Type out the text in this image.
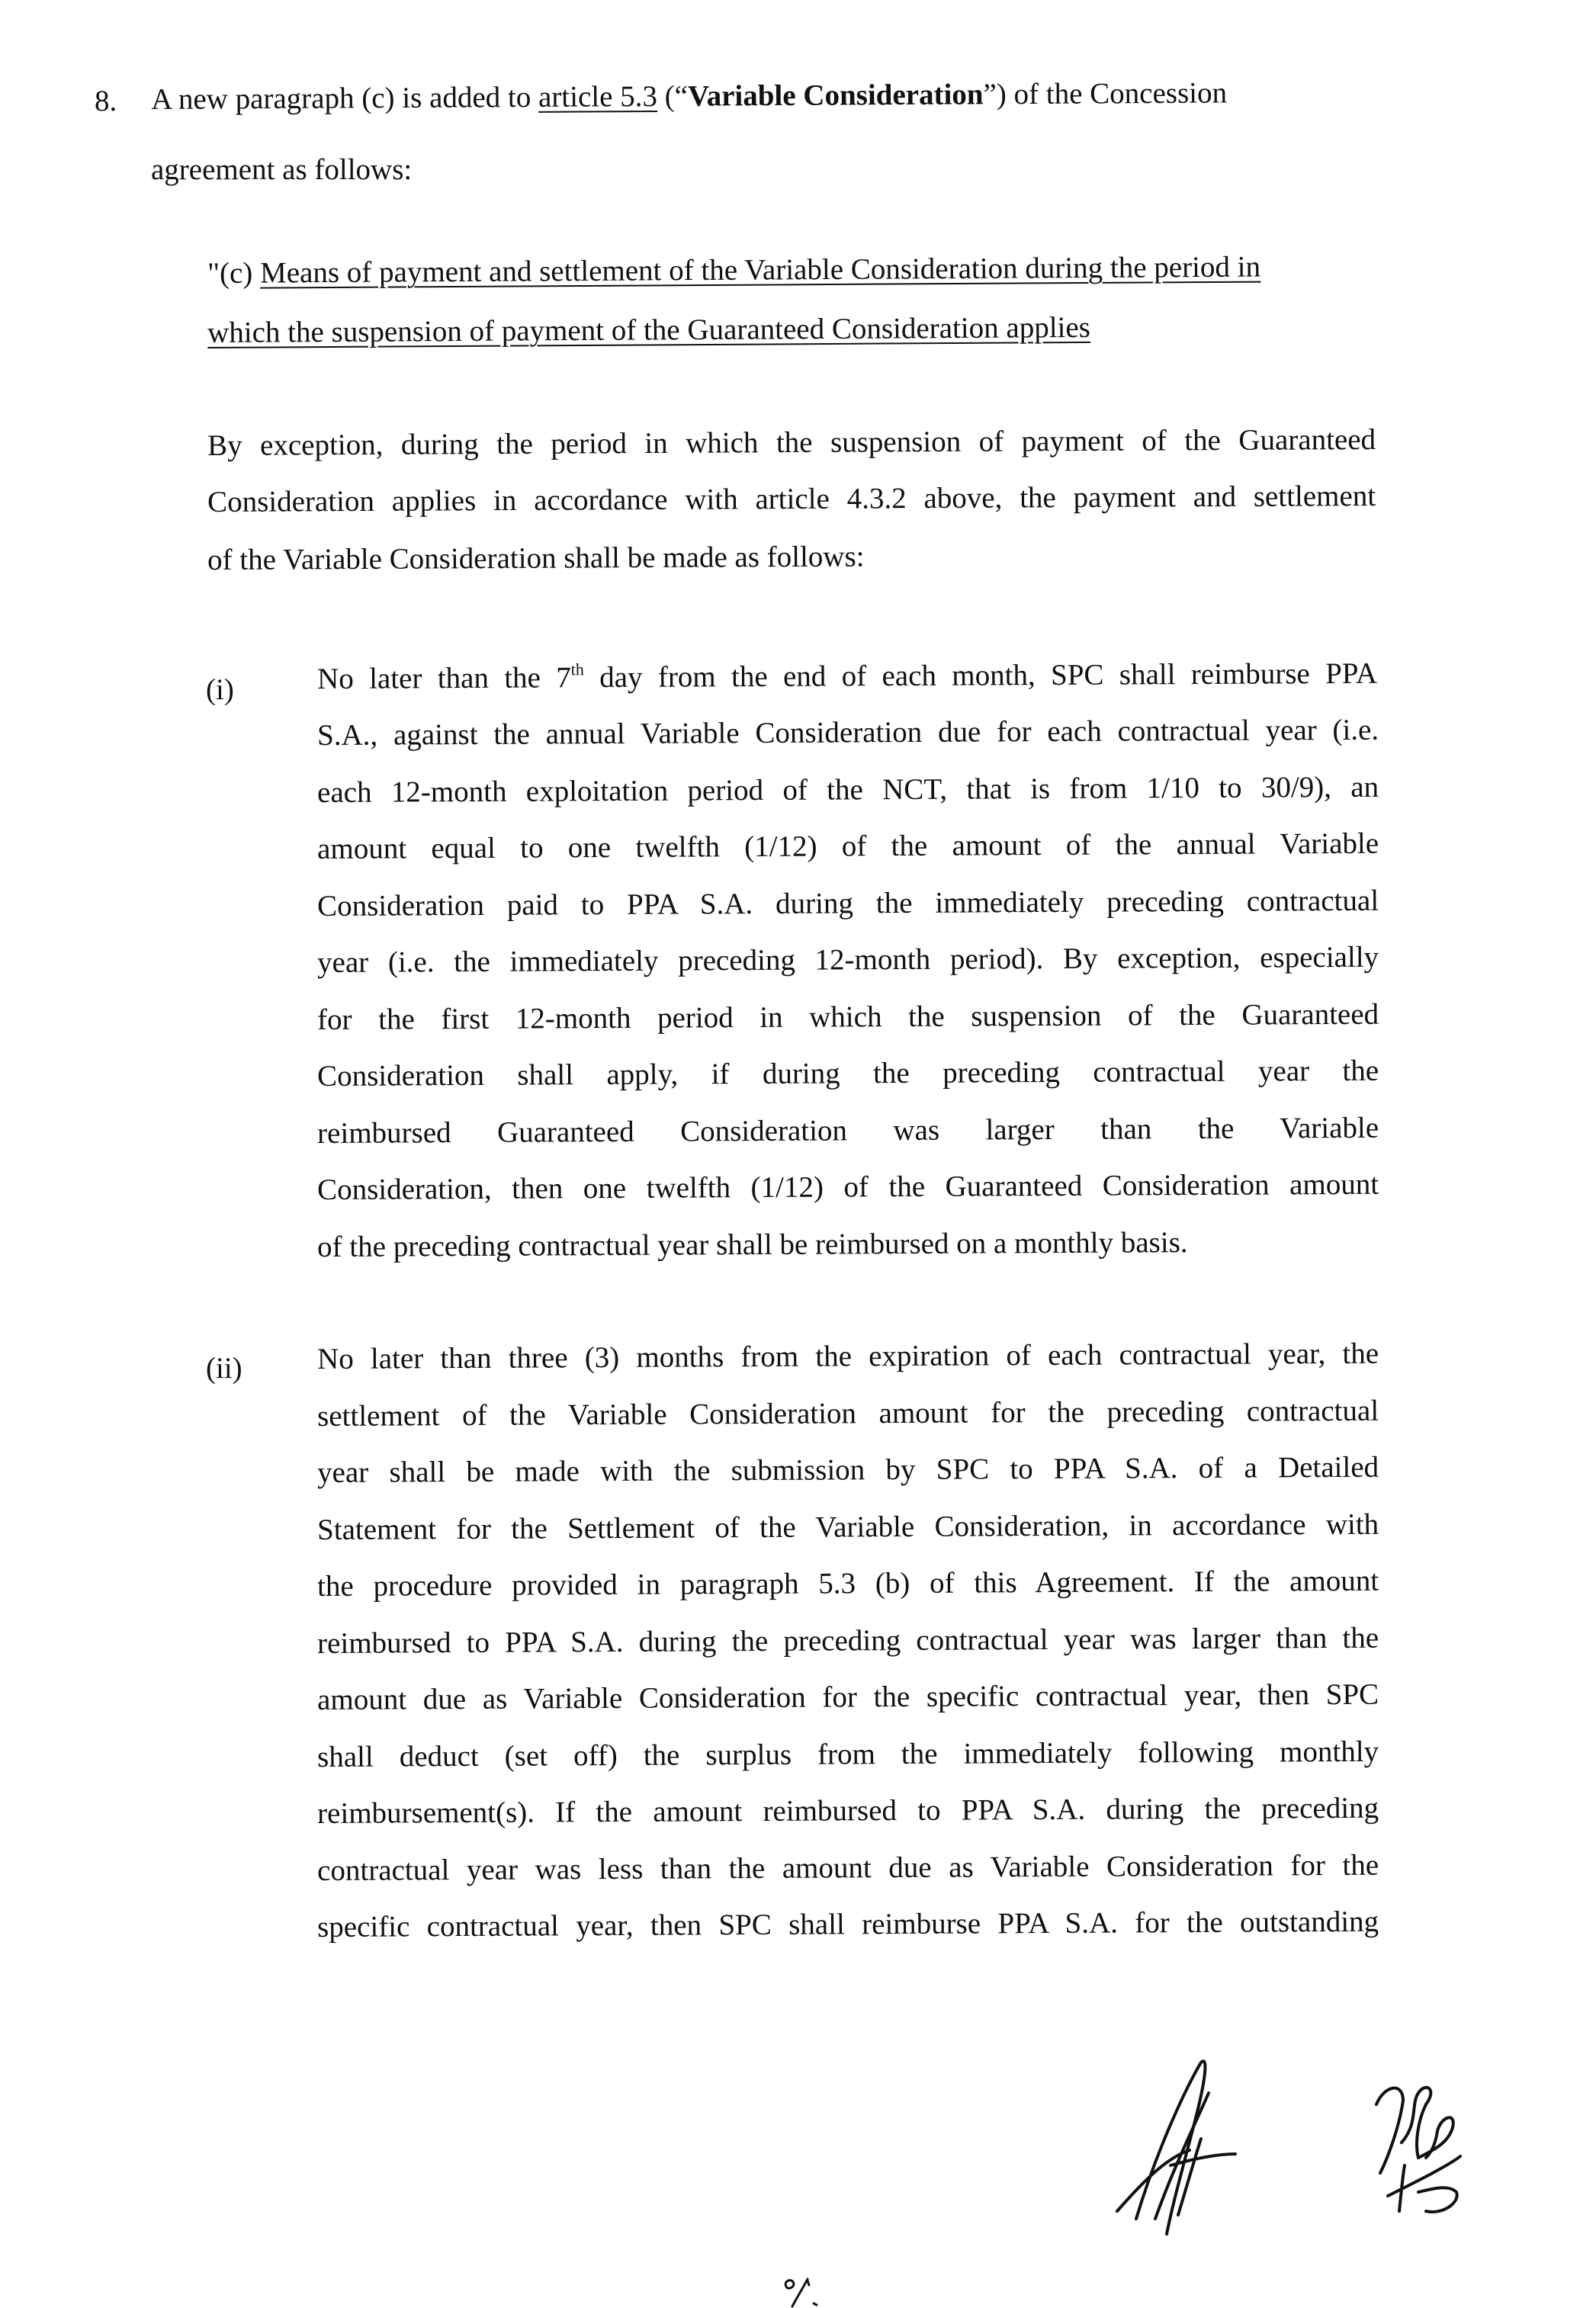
8. A new paragraph (c) is added to article 5.3 (“Variable Consideration”) of the Concession
agreement as follows:
"(c) Means of payment and settlement of the Variable Consideration during the period in
which the suspension of payment of the Guaranteed Consideration applies
By exception, during the period in which the suspension of payment of the Guaranteed
Consideration applies in accordance with article 4.3.2 above, the payment and settlement
of the Variable Consideration shall be made as follows:
(i)	No later than the 7th day from the end of each month, SPC shall reimburse PPA
S.A., against the annual Variable Consideration due for each contractual year (i.e.
each 12-month exploitation period of the NCT, that is from 1/10 to 30/9), an
amount equal to one twelfth (1/12) of the amount of the annual Variable
Consideration paid to PPA S.A. during the immediately preceding contractual
year (i.e. the immediately preceding 12-month period). By exception, especially
for the first 12-month period in which the suspension of the Guaranteed
Consideration shall apply, if during the preceding contractual year the
reimbursed Guaranteed Consideration was larger than the Variable
Consideration, then one twelfth (1/12) of the Guaranteed Consideration amount
of the preceding contractual year shall be reimbursed on a monthly basis.
(ii)	No later than three (3) months from the expiration of each contractual year, the
settlement of the Variable Consideration amount for the preceding contractual
year shall be made with the submission by SPC to PPA S.A. of a Detailed
Statement for the Settlement of the Variable Consideration, in accordance with
the procedure provided in paragraph 5.3 (b) of this Agreement. If the amount
reimbursed to PPA S.A. during the preceding contractual year was larger than the
amount due as Variable Consideration for the specific contractual year, then SPC
shall deduct (set off) the surplus from the immediately following monthly
reimbursement(s). If the amount reimbursed to PPA S.A. during the preceding
contractual year was less than the amount due as Variable Consideration for the
specific contractual year, then SPC shall reimburse PPA S.A. for the outstanding
